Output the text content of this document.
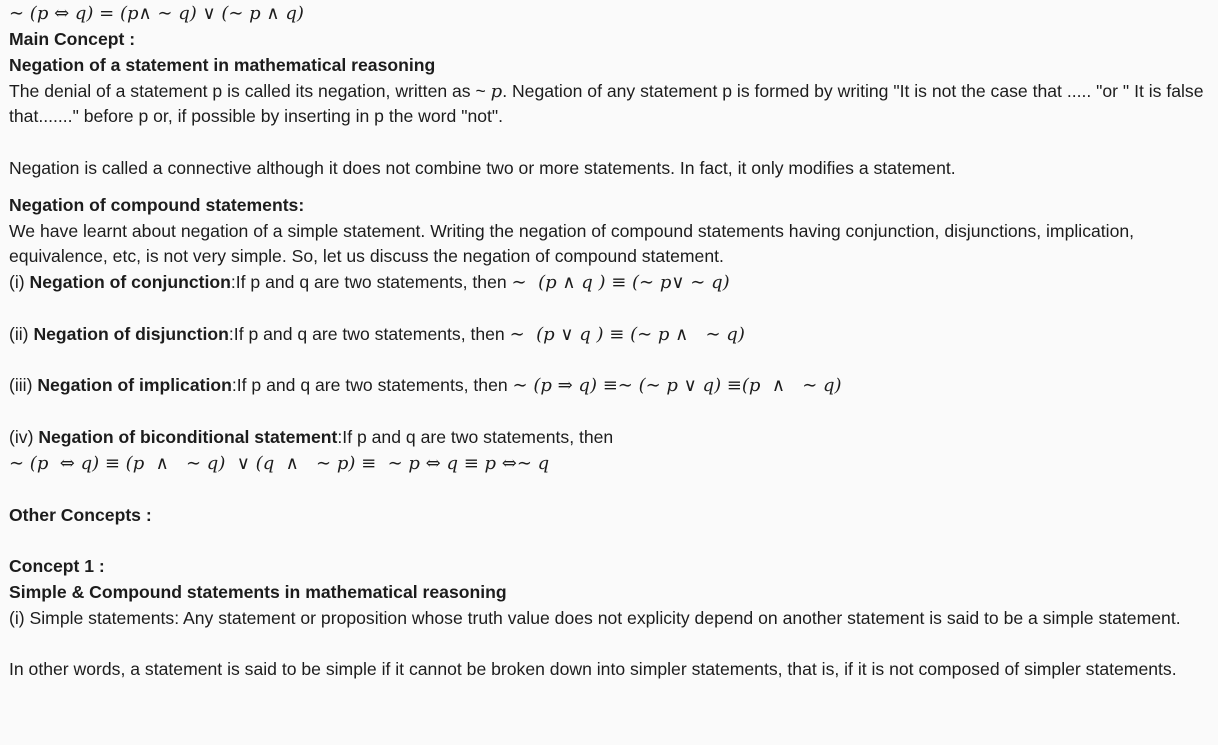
∼ (p ⇔ q) = (p∧ ∼ q) ∨ (∼ p ∧ q)
Main Concept :
Negation of a statement in mathematical reasoning

The denial of a statement p is called its negation, written as ~ p. Negation of any statement p is formed by writing "It is not the case that ..... "or " It is false that......." before p or, if possible by inserting in p the word "not".

Negation is called a connective although it does not combine two or more statements. In fact, it only modifies a statement.

Negation of compound statements:

We have learnt about negation of a simple statement. Writing the negation of compound statements having conjunction, disjunctions, implication, equivalence, etc, is not very simple. So, let us discuss the negation of compound statement.

(i) Negation of conjunction:If p and q are two statements, then ∼  (p ∧ q ) ≡ (∼ p∨ ∼ q)
(ii) Negation of disjunction:If p and q are two statements, then ∼  (p ∨ q ) ≡ (∼ p ∧   ∼ q)
(iii) Negation of implication:If p and q are two statements, then ∼ (p ⇒ q) ≡∼ (∼ p ∨ q) ≡(p  ∧   ∼ q)
(iv) Negation of biconditional statement:If p and q are two statements, then
∼ (p  ⇔ q) ≡ (p  ∧   ∼ q)  ∨ (q  ∧   ∼ p) ≡  ∼ p ⇔ q ≡ p ⇔∼ q
Other Concepts :
Concept 1 :
Simple & Compound statements in mathematical reasoning

(i) Simple statements: Any statement or proposition whose truth value does not explicity depend on another statement is said to be a simple statement.

In other words, a statement is said to be simple if it cannot be broken down into simpler statements, that is, if it is not composed of simpler statements.
